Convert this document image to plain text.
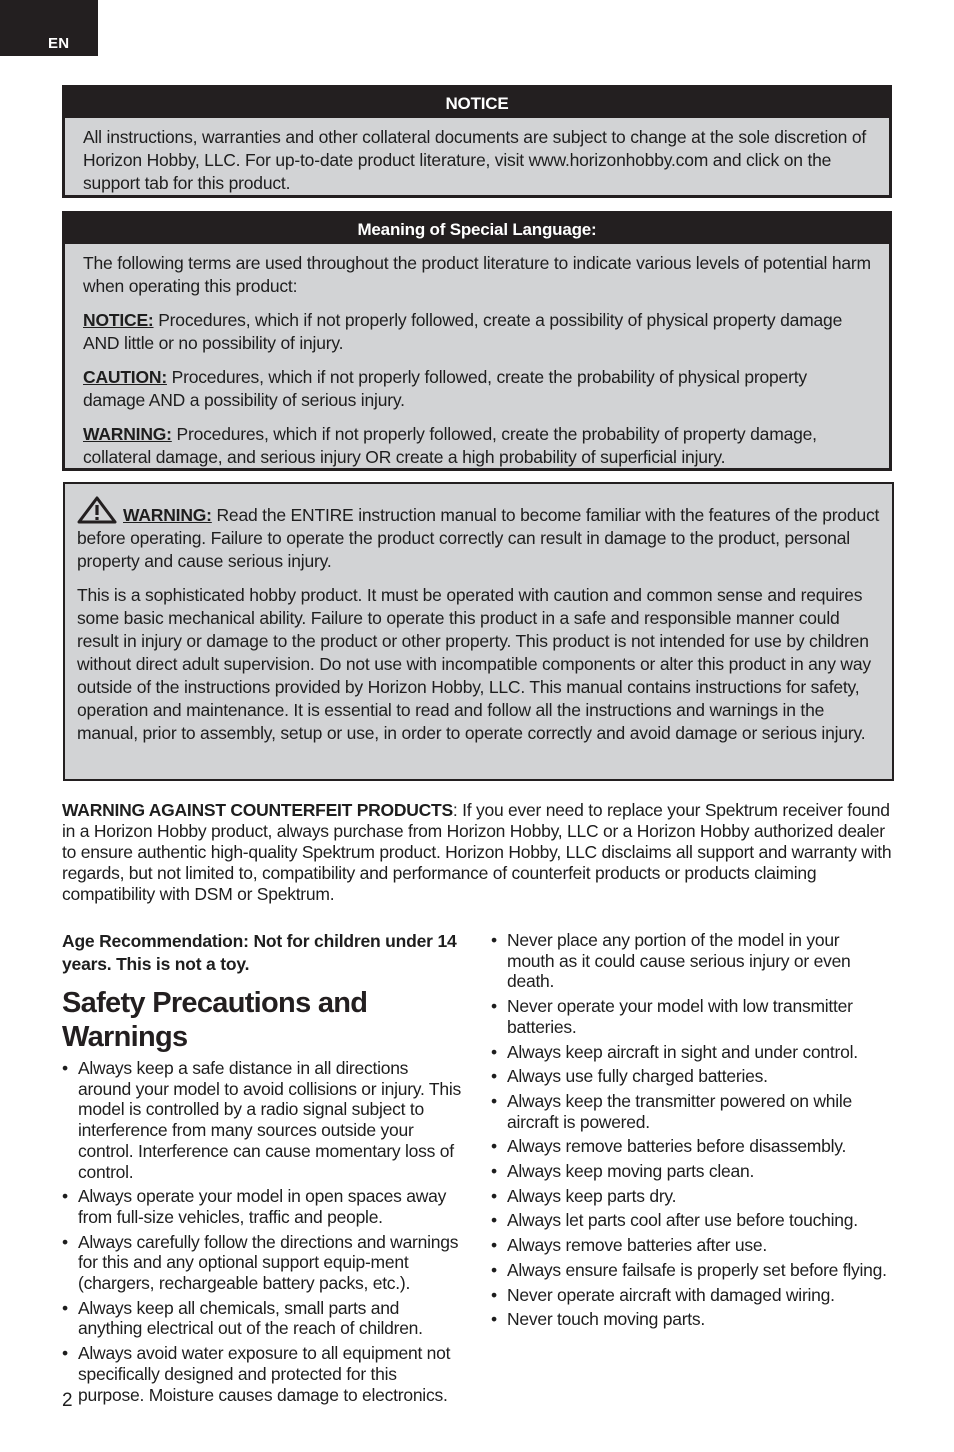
EN
NOTICE

All instructions, warranties and other collateral documents are subject to change at the sole discretion of Horizon Hobby, LLC. For up-to-date product literature, visit www.horizonhobby.com and click on the support tab for this product.

Meaning of Special Language:

The following terms are used throughout the product literature to indicate various levels of potential harm when operating this product:

NOTICE: Procedures, which if not properly followed, create a possibility of physical property damage AND little or no possibility of injury.

CAUTION: Procedures, which if not properly followed, create the probability of physical property damage AND a possibility of serious injury.

WARNING: Procedures, which if not properly followed, create the probability of property damage, collateral damage, and serious injury OR create a high probability of superficial injury.

WARNING: Read the ENTIRE instruction manual to become familiar with the features of the product before operating. Failure to operate the product correctly can result in damage to the product, personal property and cause serious injury.

This is a sophisticated hobby product. It must be operated with caution and common sense and requires some basic mechanical ability. Failure to operate this product in a safe and responsible manner could result in injury or damage to the product or other property. This product is not intended for use by children without direct adult supervision. Do not use with incompatible components or alter this product in any way outside of the instructions provided by Horizon Hobby, LLC. This manual contains instructions for safety, operation and maintenance. It is essential to read and follow all the instructions and warnings in the manual, prior to assembly, setup or use, in order to operate correctly and avoid damage or serious injury.

WARNING AGAINST COUNTERFEIT PRODUCTS: If you ever need to replace your Spektrum receiver found in a Horizon Hobby product, always purchase from Horizon Hobby, LLC or a Horizon Hobby authorized dealer to ensure authentic high-quality Spektrum product. Horizon Hobby, LLC disclaims all support and warranty with regards, but not limited to, compatibility and performance of counterfeit products or products claiming compatibility with DSM or Spektrum.

Age Recommendation: Not for children under 14 years. This is not a toy.

Safety Precautions and Warnings
• Always keep a safe distance in all directions around your model to avoid collisions or injury. This model is controlled by a radio signal subject to interference from many sources outside your control. Interference can cause momentary loss of control.
• Always operate your model in open spaces away from full-size vehicles, traffic and people.
• Always carefully follow the directions and warnings for this and any optional support equip-ment (chargers, rechargeable battery packs, etc.).
• Always keep all chemicals, small parts and anything electrical out of the reach of children.
• Always avoid water exposure to all equipment not specifically designed and protected for this purpose. Moisture causes damage to electronics.
• Never place any portion of the model in your mouth as it could cause serious injury or even death.
• Never operate your model with low transmitter batteries.
• Always keep aircraft in sight and under control.
• Always use fully charged batteries.
• Always keep the transmitter powered on while aircraft is powered.
• Always remove batteries before disassembly.
• Always keep moving parts clean.
• Always keep parts dry.
• Always let parts cool after use before touching.
• Always remove batteries after use.
• Always ensure failsafe is properly set before flying.
• Never operate aircraft with damaged wiring.
• Never touch moving parts.
2
